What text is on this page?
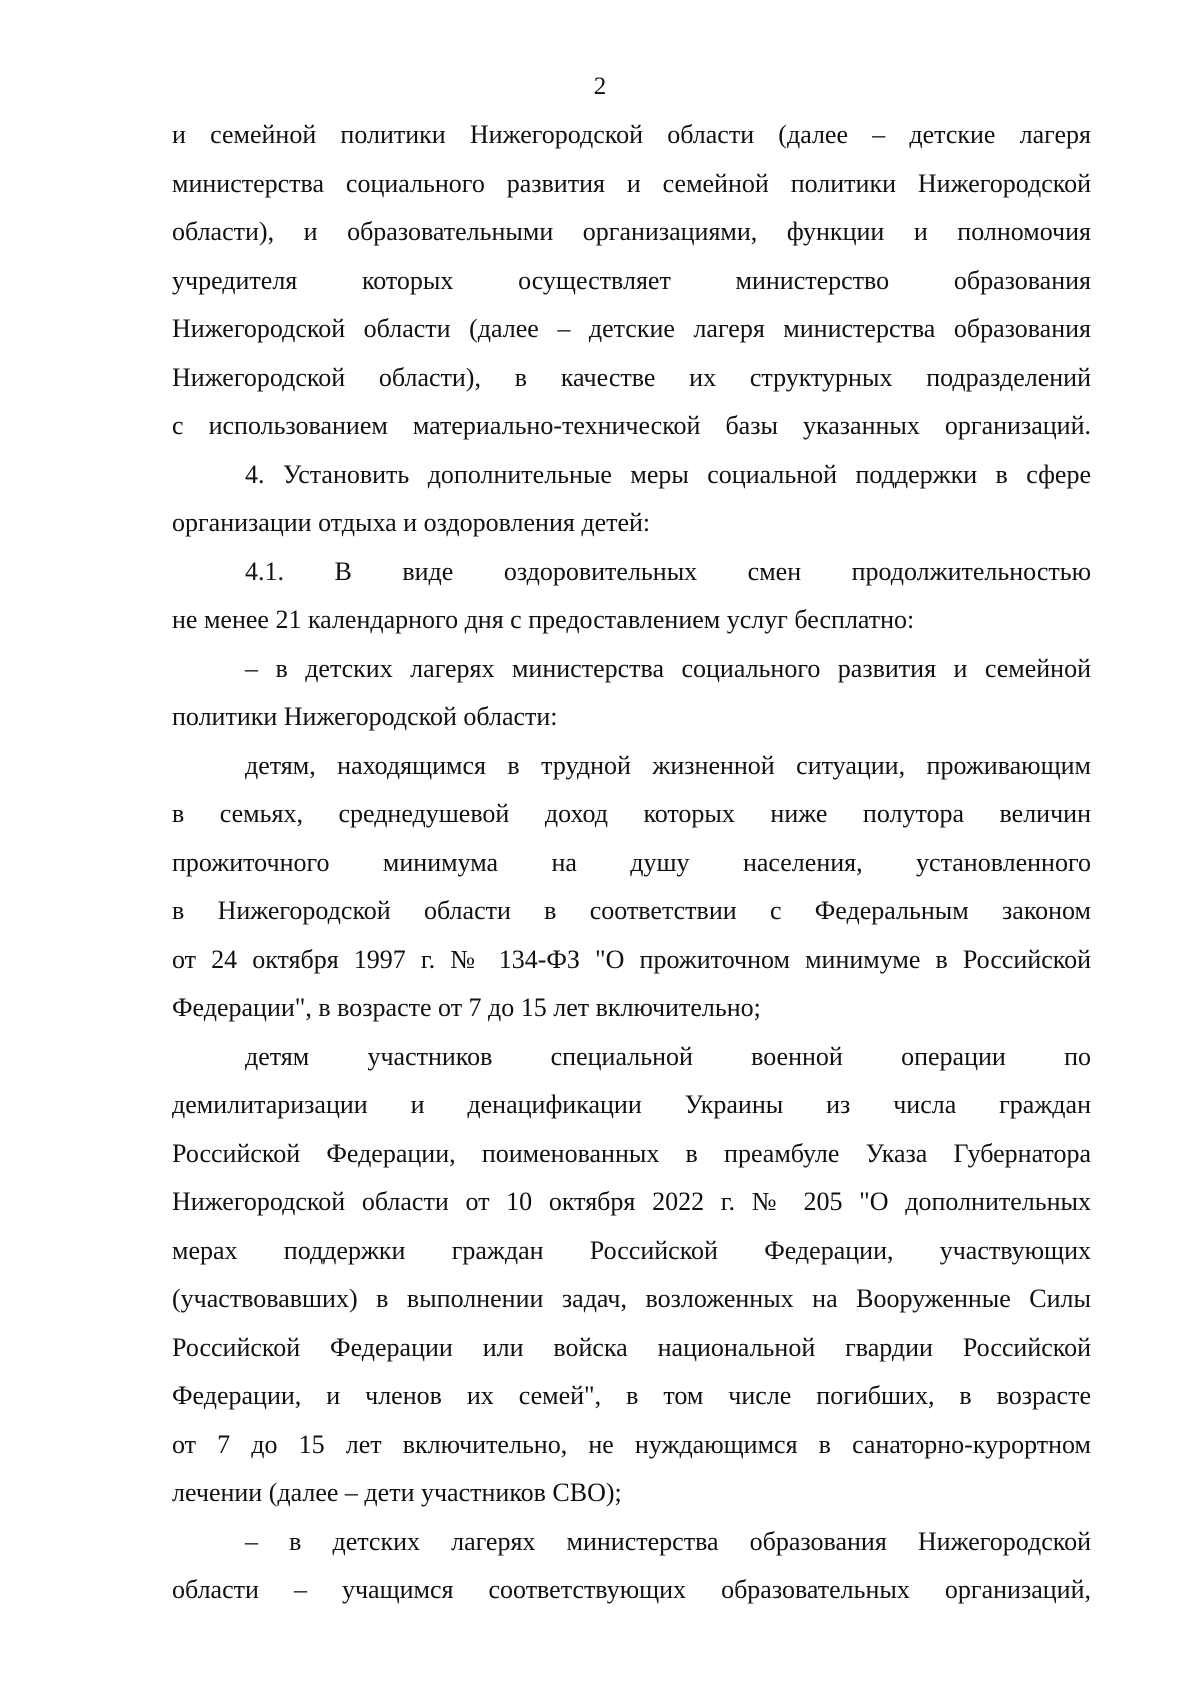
2
и семейной политики Нижегородской области (далее – детские лагеря
министерства социального развития и семейной политики Нижегородской
области), и образовательными организациями, функции и полномочия
учредителя которых осуществляет министерство образования
Нижегородской области (далее – детские лагеря министерства образования
Нижегородской области), в качестве их структурных подразделений
с использованием материально-технической базы указанных организаций.
4. Установить дополнительные меры социальной поддержки в сфере
организации отдыха и оздоровления детей:
4.1. В виде оздоровительных смен продолжительностью
не менее 21 календарного дня с предоставлением услуг бесплатно:
– в детских лагерях министерства социального развития и семейной
политики Нижегородской области:
детям, находящимся в трудной жизненной ситуации, проживающим
в семьях, среднедушевой доход которых ниже полутора величин
прожиточного минимума на душу населения, установленного
в Нижегородской области в соответствии с Федеральным законом
от 24 октября 1997 г. № 134-ФЗ "О прожиточном минимуме в Российской
Федерации", в возрасте от 7 до 15 лет включительно;
детям участников специальной военной операции по
демилитаризации и денацификации Украины из числа граждан
Российской Федерации, поименованных в преамбуле Указа Губернатора
Нижегородской области от 10 октября 2022 г. № 205 "О дополнительных
мерах поддержки граждан Российской Федерации, участвующих
(участвовавших) в выполнении задач, возложенных на Вооруженные Силы
Российской Федерации или войска национальной гвардии Российской
Федерации, и членов их семей", в том числе погибших, в возрасте
от 7 до 15 лет включительно, не нуждающимся в санаторно-курортном
лечении (далее – дети участников СВО);
– в детских лагерях министерства образования Нижегородской
области – учащимся соответствующих образовательных организаций,
